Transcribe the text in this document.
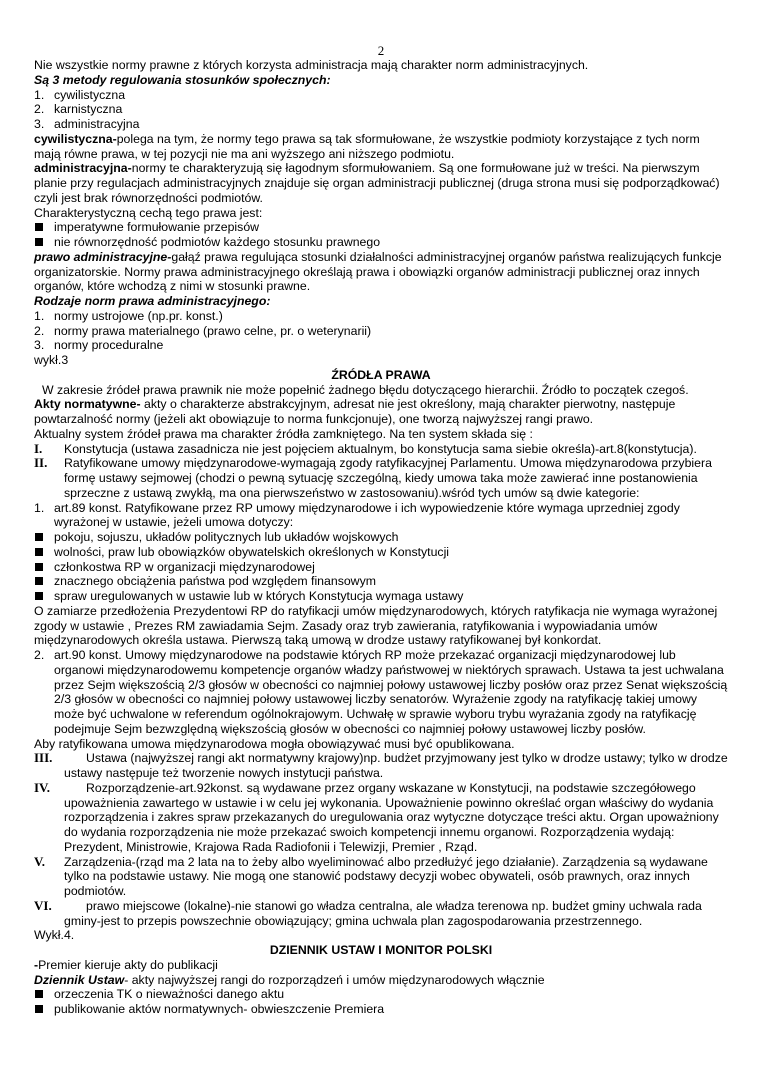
2

Nie wszystkie normy prawne z których korzysta administracja mają charakter norm administracyjnych.

Są 3 metody regulowania stosunków społecznych:

1. cywilistyczna
2. karnistyczna
3. administracyjna

cywilistyczna-polega na tym, że normy tego prawa są tak sformułowane, że wszystkie podmioty korzystające z tych norm mają równe prawa, w tej pozycji nie ma ani wyższego ani niższego podmiotu.

administracyjna-normy te charakteryzują się łagodnym sformułowaniem. Są one formułowane już w treści. Na pierwszym planie przy regulacjach administracyjnych znajduje się organ administracji publicznej (druga strona musi się podporządkować) czyli jest brak równorzędności podmiotów.

Charakterystyczną cechą tego prawa jest:

imperatywne formułowanie przepisów
nie równorzędność podmiotów każdego stosunku prawnego

prawo administracyjne-gałąź prawa regulująca stosunki działalności administracyjnej organów państwa realizujących funkcje organizatorskie. Normy prawa administracyjnego określają prawa i obowiązki organów administracji publicznej oraz innych organów, które wchodzą z nimi w stosunki prawne.

Rodzaje norm prawa administracyjnego:

1. normy ustrojowe (np.pr. konst.)
2. normy prawa materialnego (prawo celne, pr. o weterynarii)
3. normy proceduralne

wykł.3

ŹRÓDŁA PRAWA

W zakresie źródeł prawa prawnik nie może popełnić żadnego błędu dotyczącego hierarchii. Źródło to początek czegoś.

Akty normatywne- akty o charakterze abstrakcyjnym, adresat nie jest określony, mają charakter pierwotny, następuje powtarzalność normy (jeżeli akt obowiązuje to norma funkcjonuje), one tworzą najwyższej rangi prawo.

Aktualny system źródeł prawa ma charakter źródła zamkniętego. Na ten system składa się :

I. Konstytucja (ustawa zasadnicza nie jest pojęciem aktualnym, bo konstytucja sama siebie określa)-art.8(konstytucja).
II. Ratyfikowane umowy międzynarodowe-wymagają zgody ratyfikacyjnej Parlamentu. Umowa międzynarodowa przybiera formę ustawy sejmowej (chodzi o pewną sytuację szczególną, kiedy umowa taka może zawierać inne postanowienia sprzeczne z ustawą zwykłą, ma ona pierwszeństwo w zastosowaniu).wśród tych umów są dwie kategorie:
1. art.89 konst. Ratyfikowane przez RP umowy międzynarodowe i ich wypowiedzenie które wymaga uprzedniej zgody wyrażonej w ustawie, jeżeli umowa dotyczy:
pokoju, sojuszu, układów politycznych lub układów wojskowych
wolności, praw lub obowiązków obywatelskich określonych w Konstytucji
członkostwa RP w organizacji międzynarodowej
znacznego obciążenia państwa pod względem finansowym
spraw uregulowanych w ustawie lub w których Konstytucja wymaga ustawy

O zamiarze przedłożenia Prezydentowi RP do ratyfikacji umów międzynarodowych, których ratyfikacja nie wymaga wyrażonej zgody w ustawie , Prezes RM zawiadamia Sejm. Zasady oraz tryb zawierania, ratyfikowania i wypowiadania umów międzynarodowych określa ustawa. Pierwszą taką umową w drodze ustawy ratyfikowanej był konkordat.

2. art.90 konst. Umowy międzynarodowe na podstawie których RP może przekazać organizacji międzynarodowej lub organowi międzynarodowemu kompetencje organów władzy państwowej w niektórych sprawach. Ustawa ta jest uchwalana przez Sejm większością 2/3 głosów w obecności co najmniej połowy ustawowej liczby posłów oraz przez Senat większością 2/3 głosów w obecności co najmniej połowy ustawowej liczby senatorów. Wyrażenie zgody na ratyfikację takiej umowy może być uchwalone w referendum ogólnokrajowym. Uchwałę w sprawie wyboru trybu wyrażania zgody na ratyfikację podejmuje Sejm bezwzględną większością głosów w obecności co najmniej połowy ustawowej liczby posłów.

Aby ratyfikowana umowa międzynarodowa mogła obowiązywać musi być opublikowana.

III.	Ustawa (najwyższej rangi akt normatywny krajowy)np. budżet przyjmowany jest tylko w drodze ustawy; tylko w drodze ustawy następuje też tworzenie nowych instytucji państwa.
IV.	Rozporządzenie-art.92konst. są wydawane przez organy wskazane w Konstytucji, na podstawie szczegółowego upoważnienia zawartego w ustawie i w celu jej wykonania. Upoważnienie powinno określać organ właściwy do wydania rozporządzenia i zakres spraw przekazanych do uregulowania oraz wytyczne dotyczące treści aktu. Organ upoważniony do wydania rozporządzenia nie może przekazać swoich kompetencji innemu organowi. Rozporządzenia wydają: Prezydent, Ministrowie, Krajowa Rada Radiofonii i Telewizji, Premier , Rząd.
V. Zarządzenia-(rząd ma 2 lata na to żeby albo wyeliminować albo przedłużyć jego działanie). Zarządzenia są wydawane tylko na podstawie ustawy. Nie mogą one stanowić podstawy decyzji wobec obywateli, osób prawnych, oraz innych podmiotów.
VI.	prawo miejscowe (lokalne)-nie stanowi go władza centralna, ale władza terenowa np. budżet gminy uchwala rada gminy-jest to przepis powszechnie obowiązujący; gmina uchwala plan zagospodarowania przestrzennego.

Wykł.4.

DZIENNIK USTAW I MONITOR POLSKI

-Premier kieruje akty do publikacji

Dziennik Ustaw- akty najwyższej rangi do rozporządzeń i umów międzynarodowych włącznie

orzeczenia TK o nieważności danego aktu
publikowanie aktów normatywnych- obwieszczenie Premiera
